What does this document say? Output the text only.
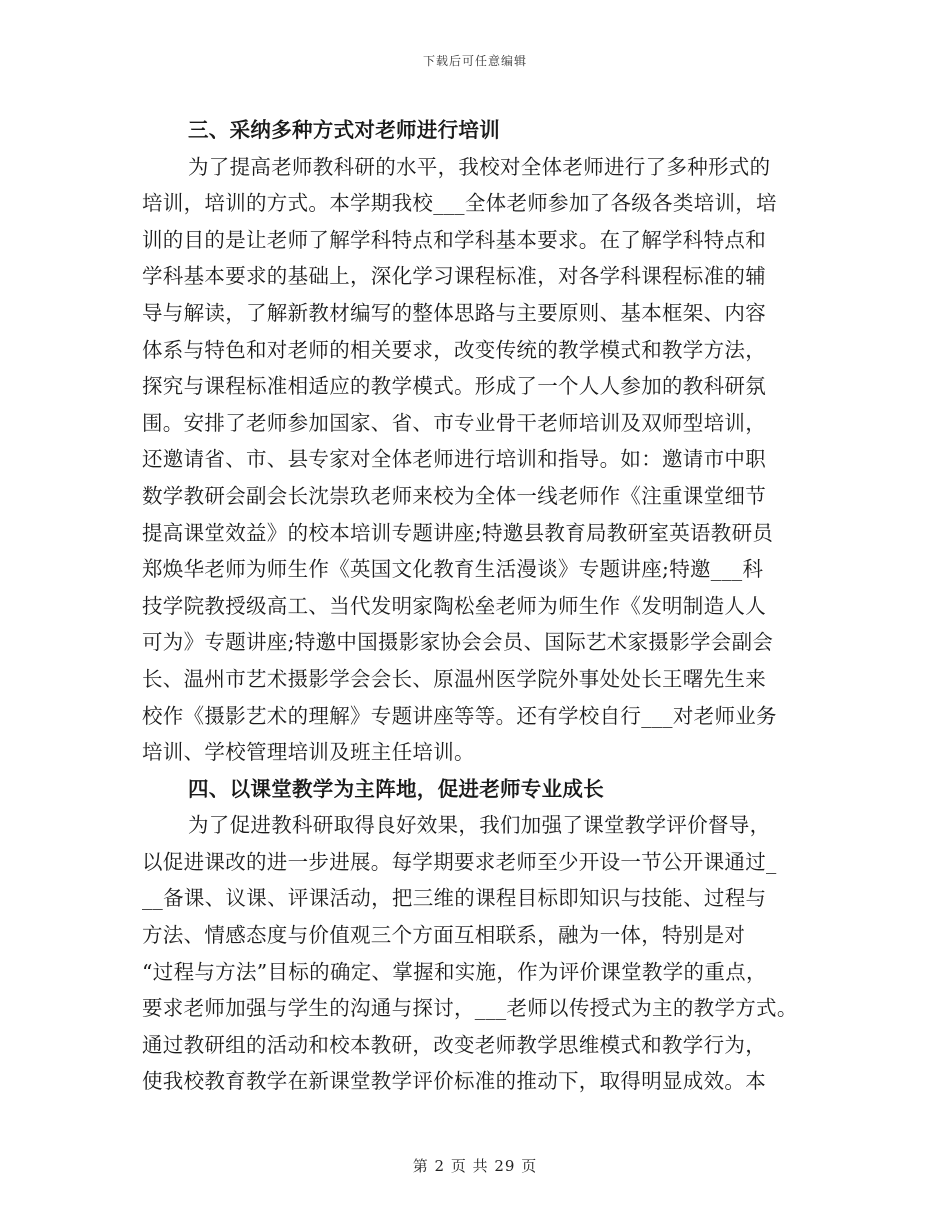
下载后可任意编辑
三、采纳多种方式对老师进行培训
为了提高老师教科研的水平，我校对全体老师进行了多种形式的
培训，培训的方式。本学期我校___全体老师参加了各级各类培训，培
训的目的是让老师了解学科特点和学科基本要求。在了解学科特点和
学科基本要求的基础上，深化学习课程标准，对各学科课程标准的辅
导与解读，了解新教材编写的整体思路与主要原则、基本框架、内容
体系与特色和对老师的相关要求，改变传统的教学模式和教学方法，
探究与课程标准相适应的教学模式。形成了一个人人参加的教科研氛
围。安排了老师参加国家、省、市专业骨干老师培训及双师型培训，
还邀请省、市、县专家对全体老师进行培训和指导。如：邀请市中职
数学教研会副会长沈崇玖老师来校为全体一线老师作《注重课堂细节
提高课堂效益》的校本培训专题讲座;特邀县教育局教研室英语教研员
郑焕华老师为师生作《英国文化教育生活漫谈》专题讲座;特邀___科
技学院教授级高工、当代发明家陶松垒老师为师生作《发明制造人人
可为》专题讲座;特邀中国摄影家协会会员、国际艺术家摄影学会副会
长、温州市艺术摄影学会会长、原温州医学院外事处处长王曙先生来
校作《摄影艺术的理解》专题讲座等等。还有学校自行___对老师业务
培训、学校管理培训及班主任培训。
四、以课堂教学为主阵地，促进老师专业成长
为了促进教科研取得良好效果，我们加强了课堂教学评价督导，
以促进课改的进一步进展。每学期要求老师至少开设一节公开课通过_
__备课、议课、评课活动，把三维的课程目标即知识与技能、过程与
方法、情感态度与价值观三个方面互相联系，融为一体，特别是对
“过程与方法”目标的确定、掌握和实施，作为评价课堂教学的重点，
要求老师加强与学生的沟通与探讨，___老师以传授式为主的教学方式。
通过教研组的活动和校本教研，改变老师教学思维模式和教学行为，
使我校教育教学在新课堂教学评价标准的推动下，取得明显成效。本
第 2 页 共 29 页
